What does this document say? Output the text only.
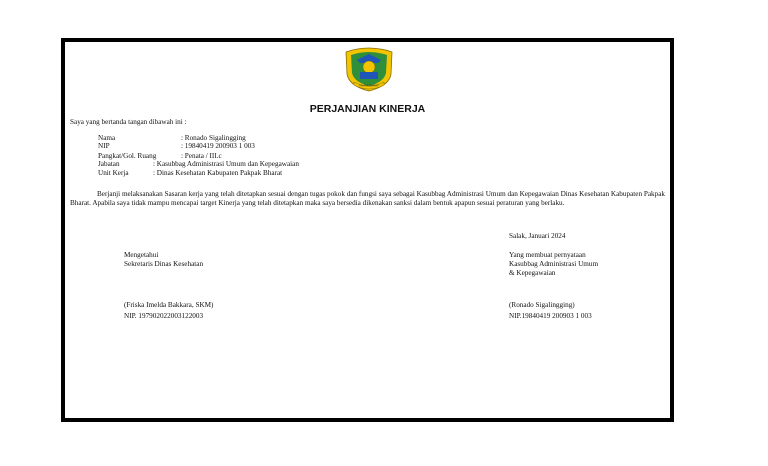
PAKPAK BHARAT
PERJANJIAN KINERJA
Saya yang bertanda tangan dibawah ini :
Nama	: Ronado Sigalingging
NIP	: 19840419 200903 1 003
Pangkat/Gol. Ruang	: Penata / III.c
Jabatan	: Kasubbag Administrasi Umum dan Kepegawaian
Unit Kerja	: Dinas Kesehatan Kabupaten Pakpak Bharat
Berjanji melaksanakan Sasaran kerja yang telah ditetapkan sesuai dengan tugas pokok dan fungsi saya sebagai Kasubbag Administrasi Umum dan Kepegawaian Dinas Kesehatan Kabupaten Pakpak Bharat. Apabila saya tidak mampu mencapai target Kinerja yang telah ditetapkan maka saya bersedia dikenakan sanksi dalam bentuk apapun sesuai peraturan yang berlaku.
Salak, Januari 2024
Mengetahui
Sekretaris Dinas Kesehatan
(Friska Imelda Bakkara, SKM)
NIP. 197902022003122003
Yang membuat pernyataan
Kasubbag Administrasi Umum
& Kepegawaian
(Ronado Sigalingging)
NIP.19840419 200903 1 003
